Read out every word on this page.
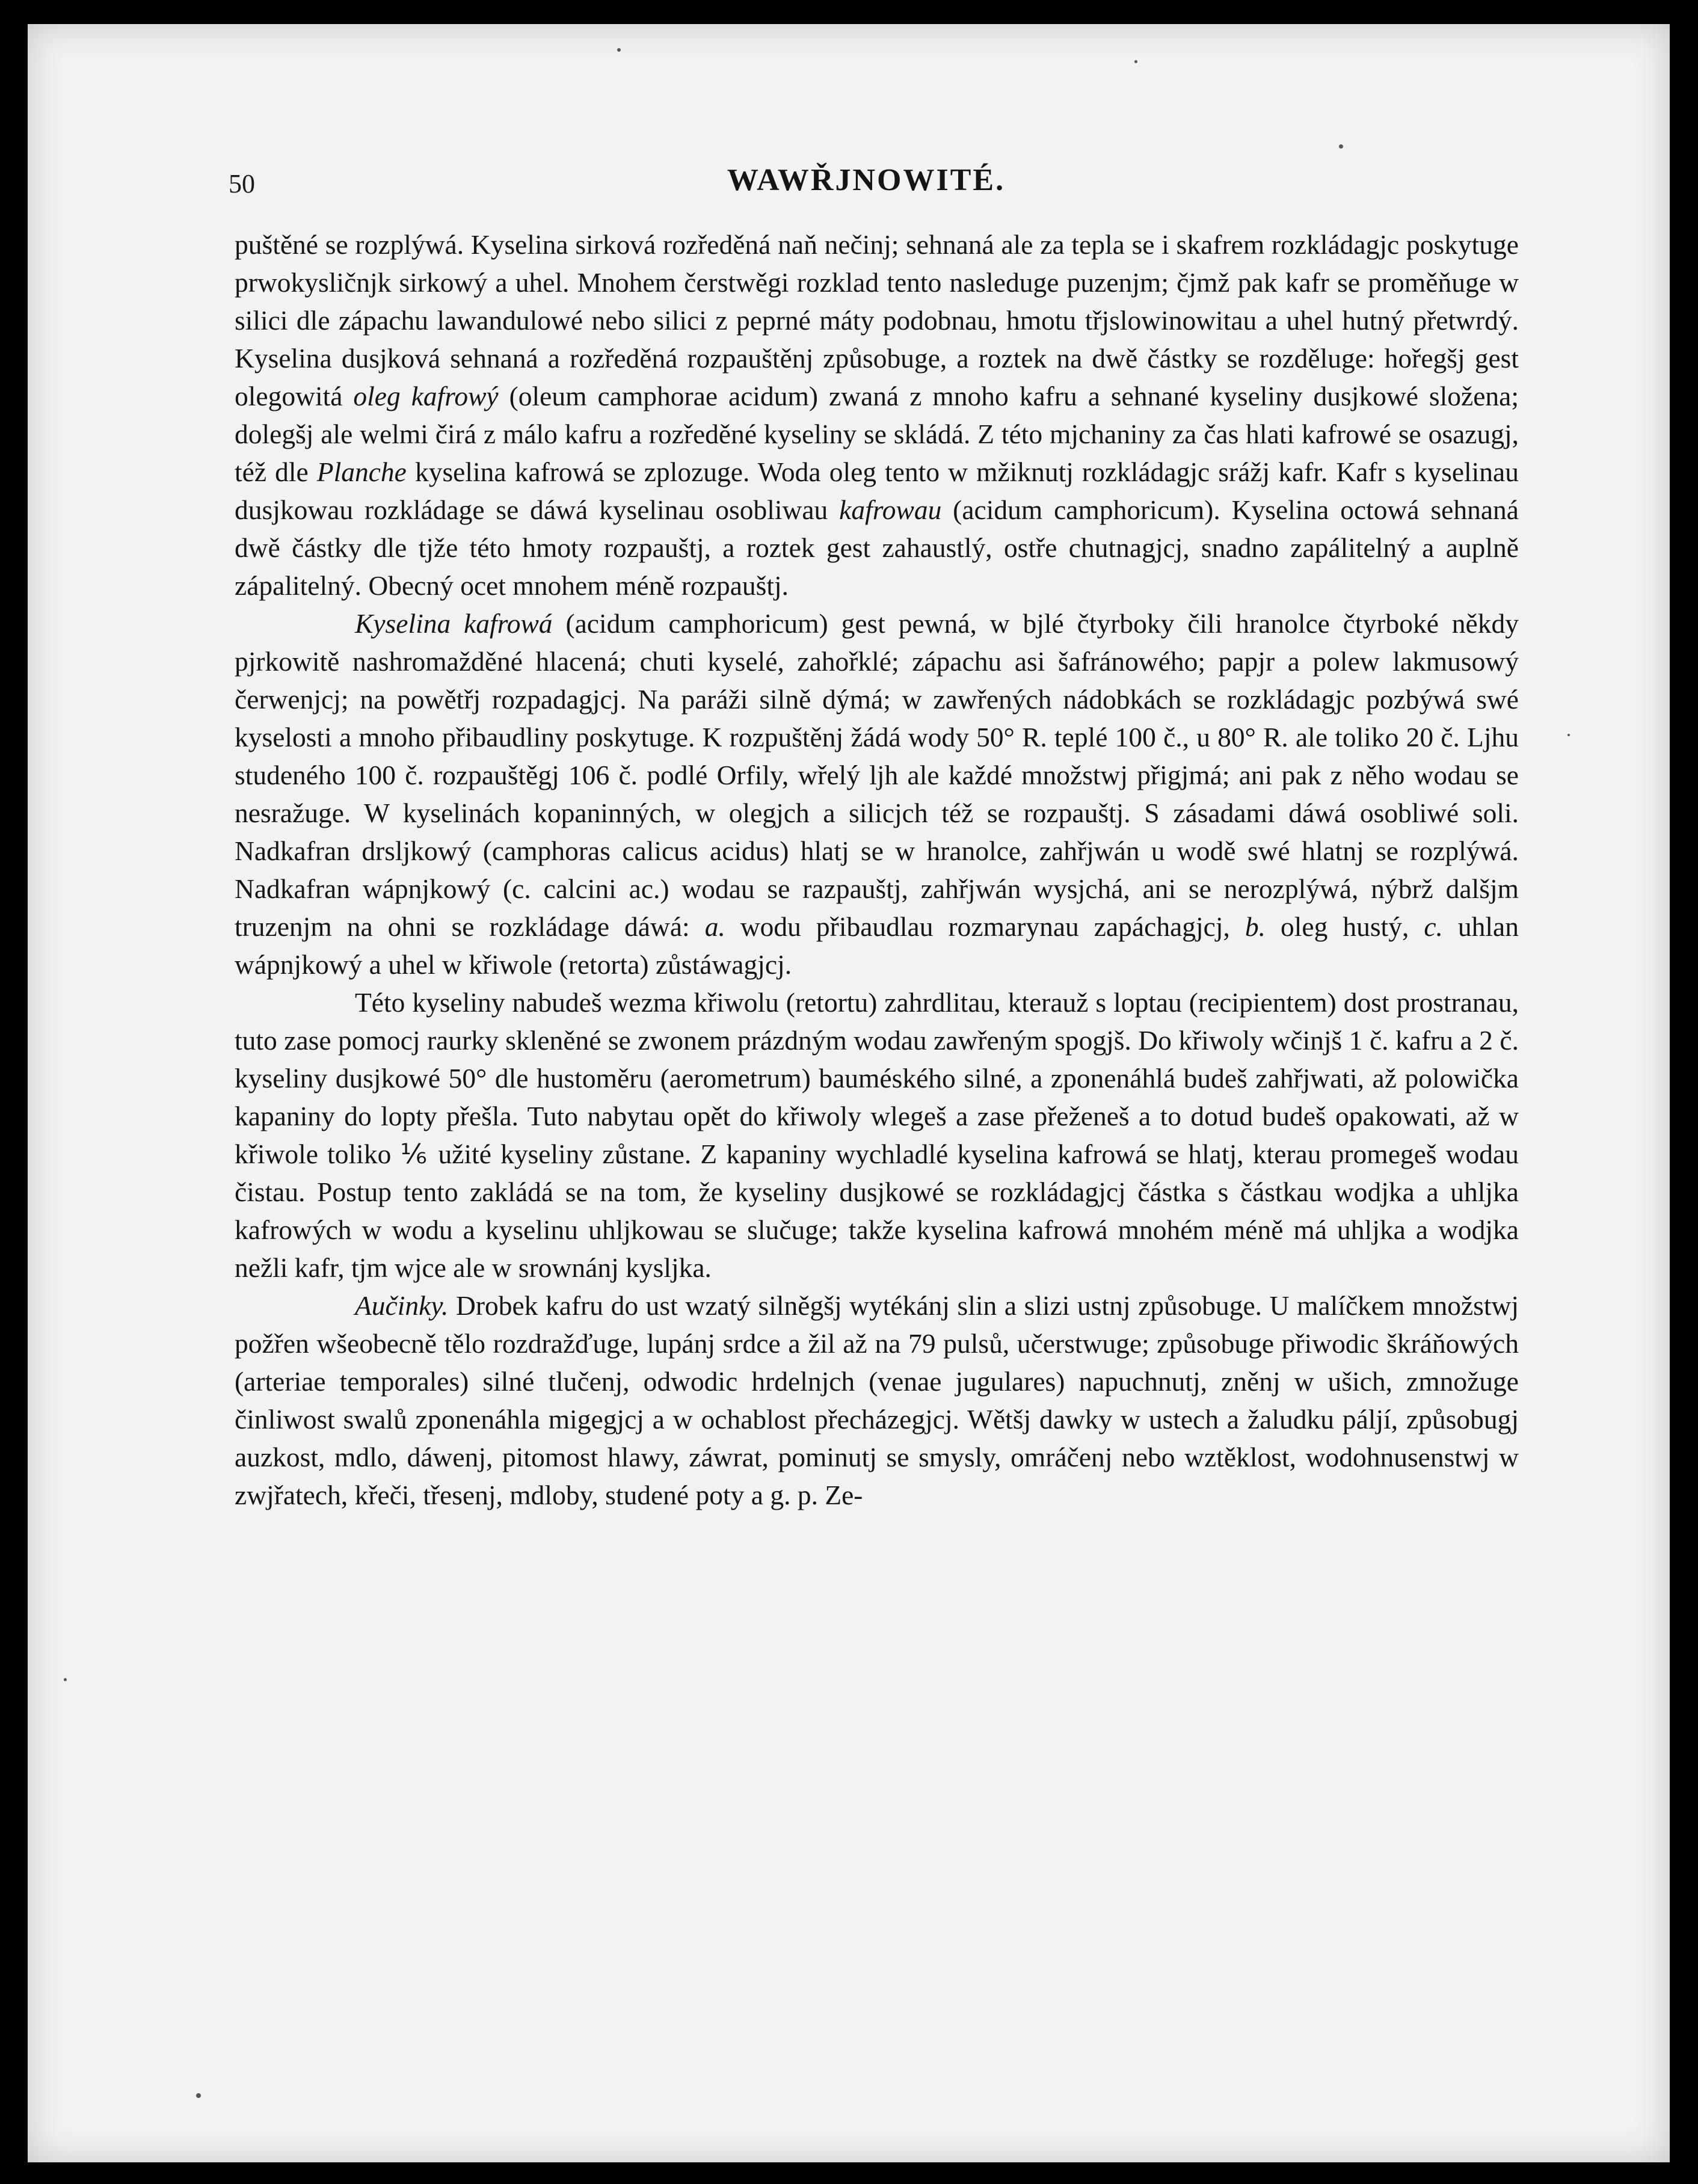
50	WAWŘJNOWITÉ.

puštěné se rozplýwá. Kyselina sirková rozředěná naň nečinj; sehnaná ale za tepla se i skafrem rozkládagjc poskytuge prwokysličnjk sirkowý a uhel. Mnohem čerstwěgi rozklad tento nasleduge puzenjm; čjmž pak kafr se proměňuge w silici dle zápachu lawandulowé nebo silici z peprné máty podobnau, hmotu třjslowinowitau a uhel hutný přetwrdý. Kyselina dusjková sehnaná a rozředěná rozpauštěnj způsobuge, a roztek na dwě částky se rozděluge: hořegšj gest olegowitá oleg kafrowý (oleum camphorae acidum) zwaná z mnoho kafru a sehnané kyseliny dusjkowé složena; dolegšj ale welmi čirá z málo kafru a rozředěné kyseliny se skládá. Z této mjchaniny za čas hlati kafrowé se osazugj, též dle Planche kyselina kafrowá se zplozuge. Woda oleg tento w mžiknutj rozkládagjc srážj kafr. Kafr s kyselinau dusjkowau rozkládage se dáwá kyselinau osobliwau kafrowau (acidum camphoricum). Kyselina octowá sehnaná dwě částky dle tjže této hmoty rozpauštj, a roztek gest zahaustlý, ostře chutnagjcj, snadno zapálitelný a auplně zápalitelný. Obecný ocet mnohem méně rozpauštj.

Kyselina kafrowá (acidum camphoricum) gest pewná, w bjlé čtyrboky čili hranolce čtyrboké někdy pjrkowitě nashromažděné hlacená; chuti kyselé, zahořklé; zápachu asi šafránowého; papjr a polew lakmusowý čerwenjcj; na powětřj rozpadagjcj. Na paráži silně dýmá; w zawřených nádobkách se rozkládagjc pozbýwá swé kyselosti a mnoho přibaudliny poskytuge. K rozpuštěnj žádá wody 50° R. teplé 100 č., u 80° R. ale toliko 20 č. Ljhu studeného 100 č. rozpauštěgj 106 č. podlé Orfily, wřelý ljh ale každé množstwj přigjmá; ani pak z něho wodau se nesražuge. W kyselinách kopaninných, w olegjch a silicjch též se rozpauštj. S zásadami dáwá osobliwé soli. Nadkafran drsljkowý (camphoras calicus acidus) hlatj se w hranolce, zahřjwán u wodě swé hlatnj se rozplýwá. Nadkafran wápnjkowý (c. calcini ac.) wodau se razpauštj, zahřjwán wysjchá, ani se nerozplýwá, nýbrž dalšjm truzenjm na ohni se rozkládage dáwá: a. wodu přibaudlau rozmarynau zapáchagjcj, b. oleg hustý, c. uhlan wápnjkowý a uhel w křiwole (retorta) zůstáwagjcj.

Této kyseliny nabudeš wezma křiwolu (retortu) zahrdlitau, kterauž s loptau (recipientem) dost prostranau, tuto zase pomocj raurky skleněné se zwonem prázdným wodau zawřeným spogjš. Do křiwoly wčinjš 1 č. kafru a 2 č. kyseliny dusjkowé 50° dle hustoměru (aerometrum) bauméského silné, a zponenáhlá budeš zahřjwati, až polowička kapaniny do lopty přešla. Tuto nabytau opět do křiwoly wlegeš a zase přeženeš a to dotud budeš opakowati, až w křiwole toliko ⅙ užité kyseliny zůstane. Z kapaniny wychladlé kyselina kafrowá se hlatj, kterau promegeš wodau čistau. Postup tento zakládá se na tom, že kyseliny dusjkowé se rozkládagjcj částka s částkau wodjka a uhljka kafrowých w wodu a kyselinu uhljkowau se slučuge; takže kyselina kafrowá mnohém méně má uhljka a wodjka nežli kafr, tjm wjce ale w srownánj kysljka.

Aučinky. Drobek kafru do ust wzatý silněgšj wytékánj slin a slizi ustnj způsobuge. U malíčkem množstwj požřen wšeobecně tělo rozdražďuge, lupánj srdce a žil až na 79 pulsů, učerstwuge; způsobuge přiwodic škráňowých (arteriae temporales) silné tlučenj, odwodic hrdelnjch (venae jugulares) napuchnutj, zněnj w ušich, zmnožuge činliwost swalů zponenáhla migegjcj a w ochablost přecházegjcj. Wětšj dawky w ustech a žaludku páljí, způsobugj auzkost, mdlo, dáwenj, pitomost hlawy, záwrat, pominutj se smysly, omráčenj nebo wztěklost, wodohnusenstwj w zwjřatech, křeči, třesenj, mdloby, studené poty a g. p. Ze-
